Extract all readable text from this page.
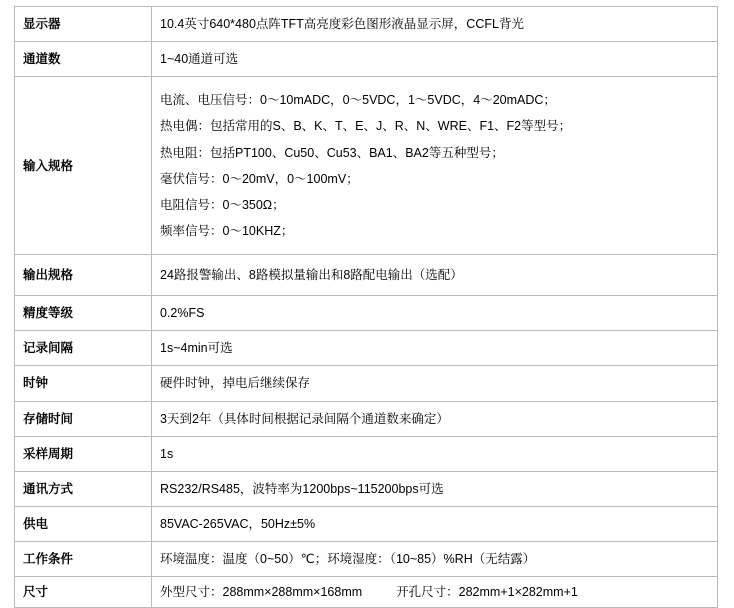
显示器	10.4英寸640*480点阵TFT高亮度彩色图形液晶显示屏，CCFL背光

通道数	1~40通道可选

输入规格	
电流、电压信号：0～10mADC，0～5VDC，1～5VDC，4～20mADC；
热电偶：包括常用的S、B、K、T、E、J、R、N、WRE、F1、F2等型号；
热电阻：包括PT100、Cu50、Cu53、BA1、BA2等五种型号；
毫伏信号：0～20mV，0～100mV；
电阻信号：0～350Ω；
频率信号：0～10KHZ；

输出规格	24路报警输出、8路模拟量输出和8路配电输出（选配）

精度等级	0.2%FS

记录间隔	1s~4min可选

时钟	硬件时钟，掉电后继续保存

存储时间	3天到2年（具体时间根据记录间隔个通道数来确定）

采样周期	1s

通讯方式	RS232/RS485，波特率为1200bps~115200bps可选

供电	85VAC-265VAC，50Hz±5%

工作条件	环境温度：温度（0~50）℃；环境湿度：（10~85）%RH（无结露）

尺寸	外型尺寸：288mm×288mm×168mm 开孔尺寸：282mm+1×282mm+1
